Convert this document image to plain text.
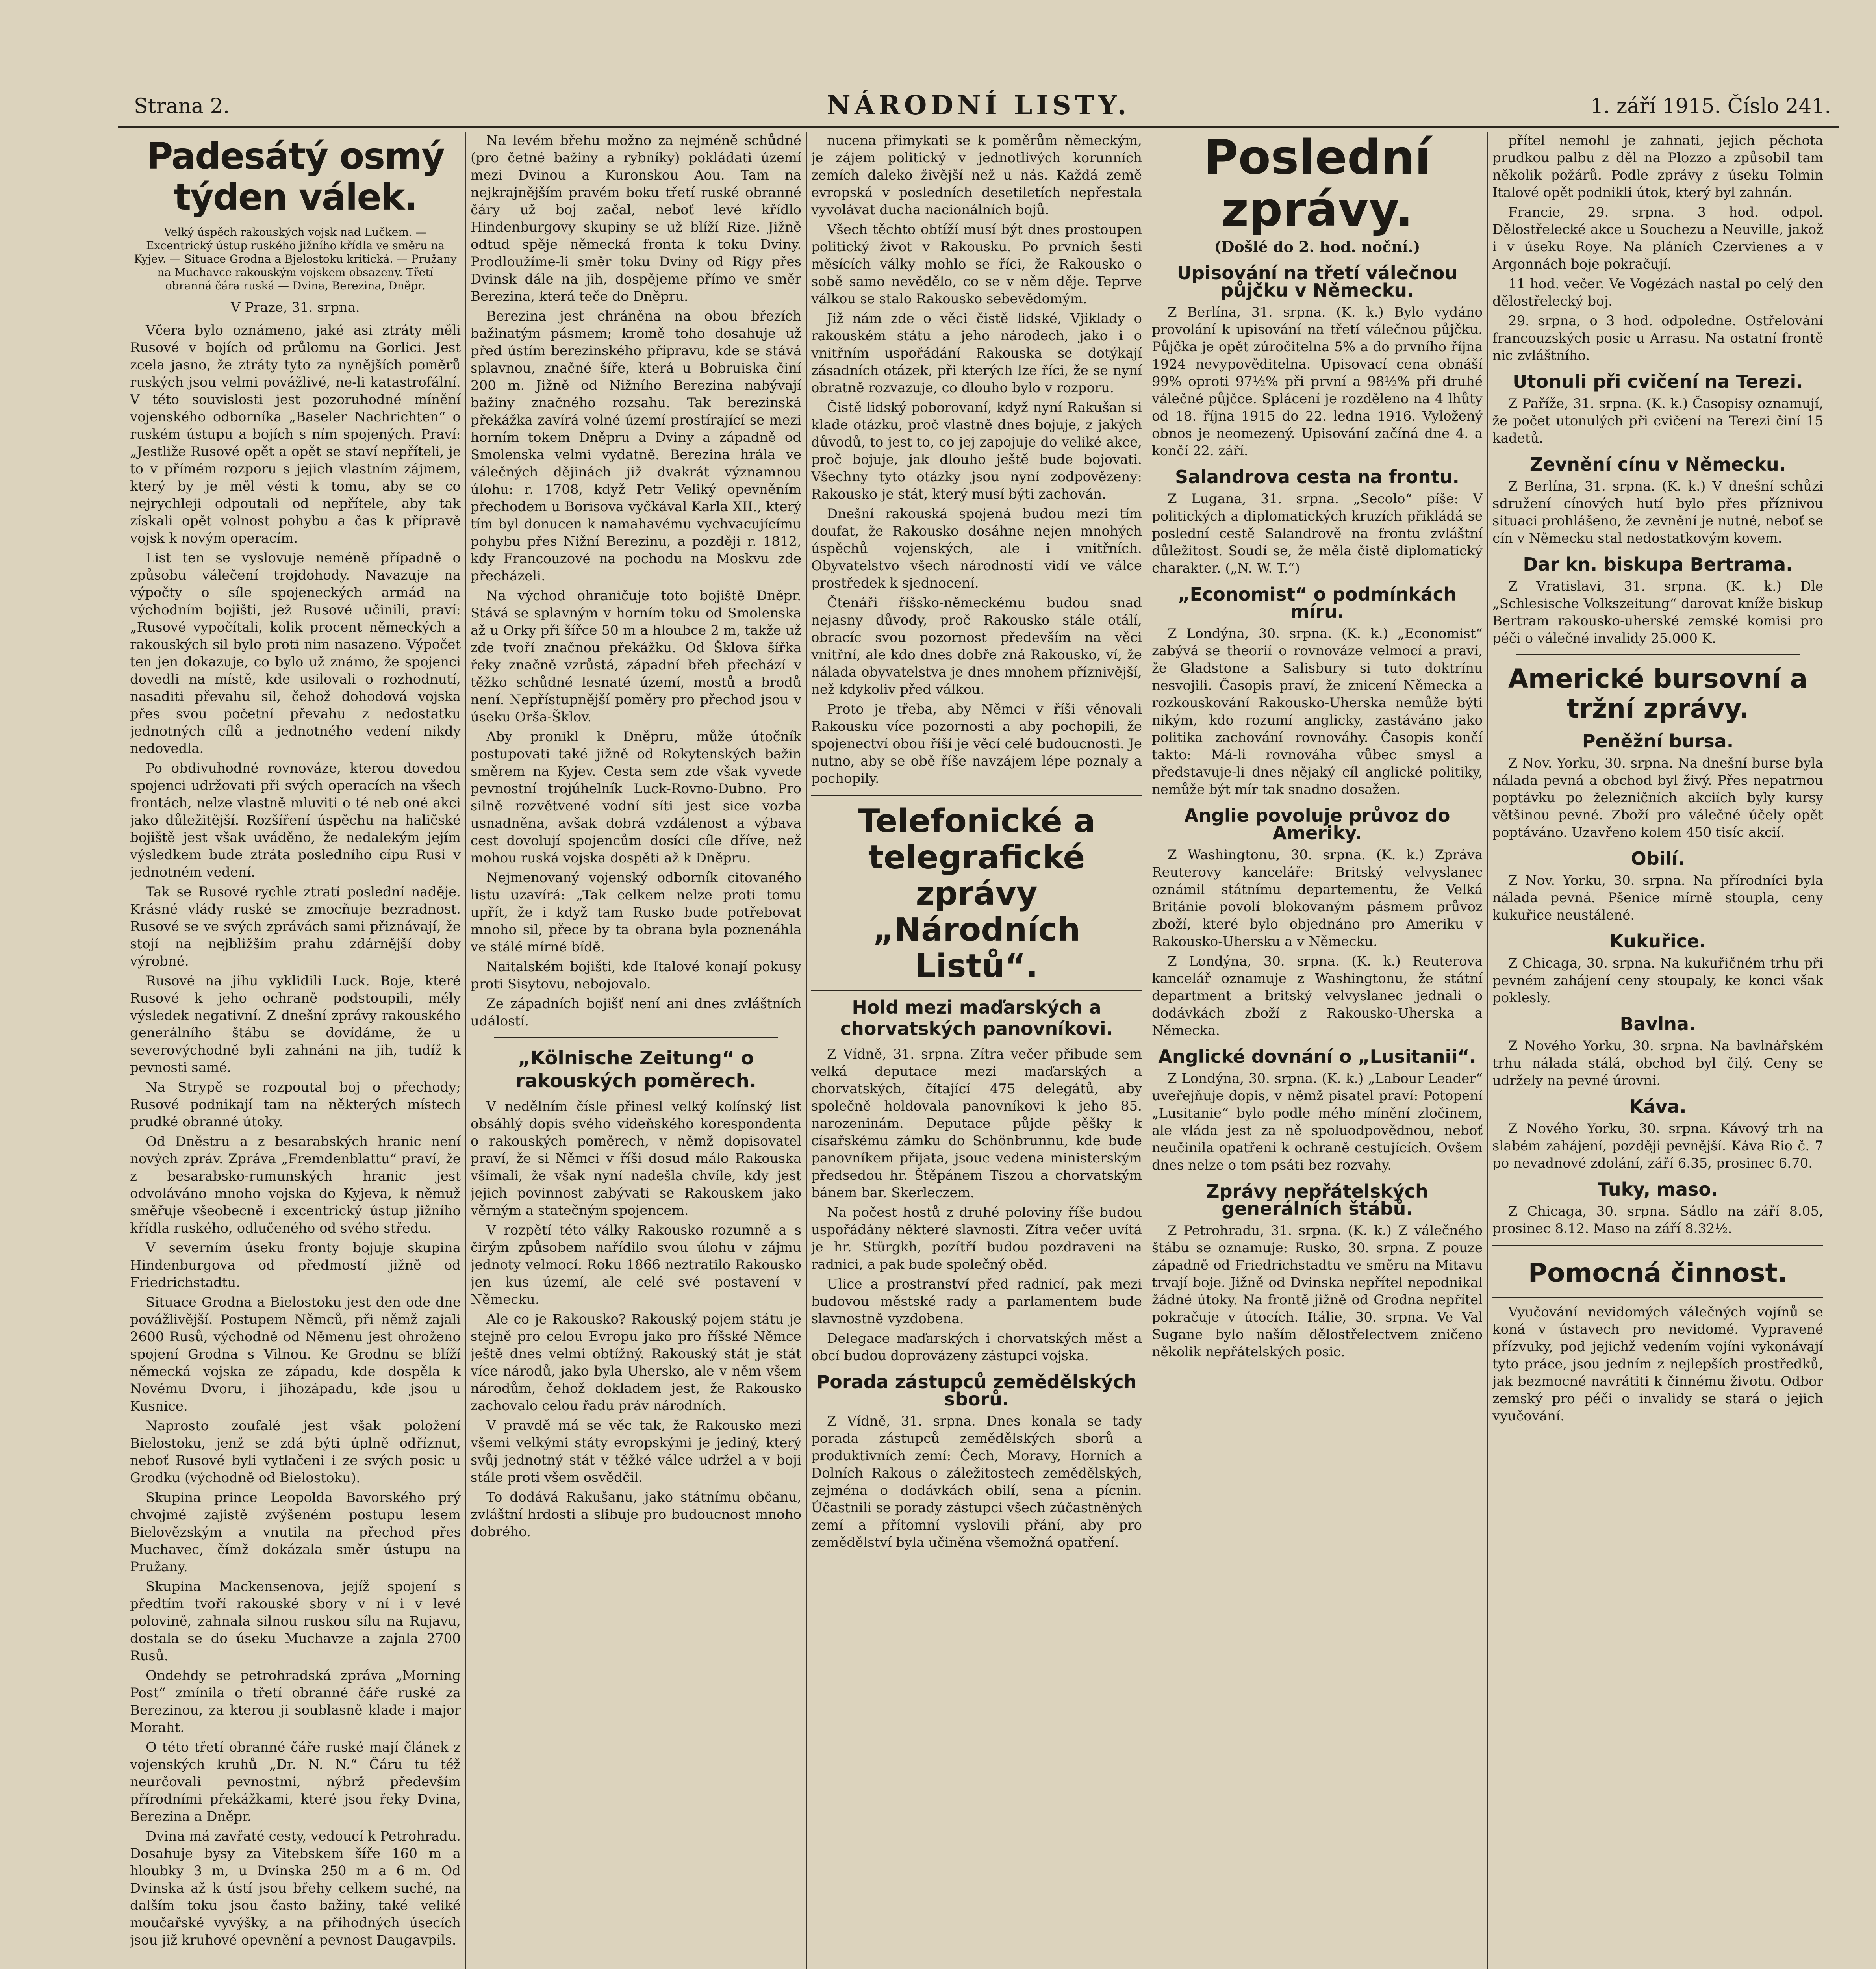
Strana 2.	NÁRODNÍ LISTY.	1. září 1915. Číslo 241.
Padesátý osmý týden válek.
Velký úspěch rakouských vojsk nad Lučkem. — Excentrický ústup ruského jižního křídla ve směru na Kyjev. — Situace Grodna a Bjelostoku kritická. — Pružany na Muchavce rakouským vojskem obsazeny. Třetí obranná čára ruská — Dvina, Berezina, Dněpr.
V Praze, 31. srpna.

Včera bylo oznámeno, jaké asi ztráty měli Rusové v bojích od průlomu na Gorlici. Jest zcela jasno, že ztráty tyto za nynějších poměrů ruských jsou velmi povážlivé, ne-li katastrofální. V této souvislosti jest pozoruhodné mínění vojenského odborníka „Baseler Nachrichten“ o ruském ústupu a bojích s ním spojených. Praví: „Jestliže Rusové opět a opět se staví nepříteli, je to v přímém rozporu s jejich vlastním zájmem, který by je měl vésti k tomu, aby se co nejrychleji odpoutali od nepřítele, aby tak získali opět volnost pohybu a čas k přípravě vojsk k novým operacím.

List ten se vyslovuje neméně případně o způsobu válečení trojdohody. Navazuje na výpočty o síle spojeneckých armád na východním bojišti, jež Rusové učinili, praví: „Rusové vypočítali, kolik procent německých a rakouských sil bylo proti nim nasazeno. Výpočet ten jen dokazuje, co bylo už známo, že spojenci dovedli na místě, kde usilovali o rozhodnutí, nasaditi převahu sil, čehož dohodová vojska přes svou početní převahu z nedostatku jednotných cílů a jednotného vedení nikdy nedovedla.

Po obdivuhodné rovnováze, kterou dovedou spojenci udržovati při svých operacích na všech frontách, nelze vlastně mluviti o té neb oné akci jako důležitější. Rozšíření úspěchu na haličské bojiště jest však uváděno, že nedalekým jejím výsledkem bude ztráta posledního cípu Rusi v jednotném vedení.

Tak se Rusové rychle ztratí poslední naděje. Krásné vlády ruské se zmocňuje bezradnost. Rusové se ve svých zprávách sami přiznávají, že stojí na nejbližším prahu zdárnější doby výrobné.

Rusové na jihu vyklidili Luck. Boje, které Rusové k jeho ochraně podstoupili, mély výsledek negativní. Z dnešní zprávy rakouského generálního štábu se dovídáme, že u severovýchodně byli zahnáni na jih, tudíž k pevnosti samé.

Na Strypě se rozpoutal boj o přechody; Rusové podnikají tam na některých místech prudké obranné útoky.

Od Dněstru a z besarabských hranic není nových zpráv. Zpráva „Fremdenblattu“ praví, že z besarabsko-rumunských hranic jest odvoláváno mnoho vojska do Kyjeva, k němuž směřuje všeobecně i excentrický ústup jižního křídla ruského, odlučeného od svého středu.

V severním úseku fronty bojuje skupina Hindenburgova od předmostí jižně od Friedrichstadtu.

Situace Grodna a Bielostoku jest den ode dne povážlivější. Postupem Němců, při němž zajali 2600 Rusů, východně od Němenu jest ohroženo spojení Grodna s Vilnou. Ke Grodnu se blíží německá vojska ze západu, kde dospěla k Novému Dvoru, i jihozápadu, kde jsou u Kusnice.

Naprosto zoufalé jest však položení Bielostoku, jenž se zdá býti úplně odříznut, neboť Rusové byli vytlačeni i ze svých posic u Grodku (východně od Bielostoku).

Skupina prince Leopolda Bavorského prý chvojmé zajistě zvýšeném postupu lesem Bielovězským a vnutila na přechod přes Muchavec, čímž dokázala směr ústupu na Pružany.

Skupina Mackensenova, jejíž spojení s předtím tvoří rakouské sbory v ní i v levé polovině, zahnala silnou ruskou sílu na Rujavu, dostala se do úseku Muchavze a zajala 2700 Rusů.

Ondehdy se petrohradská zpráva „Morning Post“ zmínila o třetí obranné čáře ruské za Berezinou, za kterou ji soublasně klade i major Moraht.

O této třetí obranné čáře ruské mají článek z vojenských kruhů „Dr. N. N.“ Čáru tu též neurčovali pevnostmi, nýbrž především přírodními překážkami, které jsou řeky Dvina, Berezina a Dněpr.

Dvina má zavřaté cesty, vedoucí k Petrohradu. Dosahuje bysy za Vitebskem šíře 160 m a hloubky 3 m, u Dvinska 250 m a 6 m. Od Dvinska až k ústí jsou břehy celkem suché, na dalším toku jsou často bažiny, také veliké moučařské vyvýšky, a na příhodných úsecích jsou již kruhové opevnění a pevnost Daugavpils.

Na levém břehu možno za nejméně schůdné (pro četné bažiny a rybníky) pokládati území mezi Dvinou a Kuronskou Aou. Tam na nejkrajnějším pravém boku třetí ruské obranné čáry už boj začal, neboť levé křídlo Hindenburgovy skupiny se už blíží Rize. Jižně odtud spěje německá fronta k toku Dviny. Prodloužíme-li směr toku Dviny od Rigy přes Dvinsk dále na jih, dospějeme přímo ve směr Berezina, která teče do Dněpru.

Berezina jest chráněna na obou březích bažinatým pásmem; kromě toho dosahuje už před ústím berezinského přípravu, kde se stává splavnou, značné šíře, která u Bobruiska činí 200 m. Jižně od Nižního Berezina nabývají bažiny značného rozsahu. Tak berezinská překážka zavírá volné území prostírající se mezi horním tokem Dněpru a Dviny a západně od Smolenska velmi vydatně. Berezina hrála ve válečných dějinách již dvakrát významnou úlohu: r. 1708, když Petr Veliký opevněním přechodem u Borisova vyčkával Karla XII., který tím byl donucen k namahavému vychvacujícímu pohybu přes Nižní Berezinu, a později r. 1812, kdy Francouzové na pochodu na Moskvu zde přecházeli.

Na východ ohraničuje toto bojiště Dněpr. Stává se splavným v horním toku od Smolenska až u Orky při šířce 50 m a hloubce 2 m, takže už zde tvoří značnou překážku. Od Šklova šířka řeky značně vzrůstá, západní břeh přechází v těžko schůdné lesnaté území, mostů a brodů není. Nepřístupnější poměry pro přechod jsou v úseku Orša-Šklov.

Aby pronikl k Dněpru, může útočník postupovati také jižně od Rokytenských bažin směrem na Kyjev. Cesta sem zde však vyvede pevnostní trojúhelník Luck-Rovno-Dubno. Pro silně rozvětvené vodní síti jest sice vozba usnadněna, avšak dobrá vzdálenost a výbava cest dovolují spojencům dosíci cíle dříve, než mohou ruská vojska dospěti až k Dněpru.

Nejmenovaný vojenský odborník citovaného listu uzavírá: „Tak celkem nelze proti tomu upřít, že i když tam Rusko bude potřebovat mnoho sil, přece by ta obrana byla poznenáhla ve stálé mírné bídě.

Naitalském bojišti, kde Italové konají pokusy proti Sisytovu, nebojovalo.

Ze západních bojišť není ani dnes zvláštních událostí.

„Kölnische Zeitung“ o rakouských poměrech.

V nedělním čísle přinesl velký kolínský list obsáhlý dopis svého vídeňského korespondenta o rakouských poměrech, v němž dopisovatel praví, že si Němci v říši dosud málo Rakouska všímali, že však nyní nadešla chvíle, kdy jest jejich povinnost zabývati se Rakouskem jako věrným a statečným spojencem.

V rozpětí této války Rakousko rozumně a s čirým způsobem nařídilo svou úlohu v zájmu jednoty velmocí. Roku 1866 neztratilo Rakousko jen kus území, ale celé své postavení v Německu.

Ale co je Rakousko? Rakouský pojem státu je stejně pro celou Evropu jako pro říšské Němce ještě dnes velmi obtížný. Rakouský stát je stát více národů, jako byla Uhersko, ale v něm všem národům, čehož dokladem jest, že Rakousko zachovalo celou řadu práv národních.

V pravdě má se věc tak, že Rakousko mezi všemi velkými státy evropskými je jediný, který svůj jednotný stát v těžké válce udržel a v boji stále proti všem osvědčil.

To dodává Rakušanu, jako státnímu občanu, zvláštní hrdosti a slibuje pro budoucnost mnoho dobrého.

nucena přimykati se k poměrům německým, je zájem politický v jednotlivých korunních zemích daleko živější než u nás. Každá země evropská v posledních desetiletích nepřestala vyvolávat ducha nacionálních bojů.

Všech těchto obtíží musí být dnes prostoupen politický život v Rakousku. Po prvních šesti měsících války mohlo se říci, že Rakousko o sobě samo nevědělo, co se v něm děje. Teprve válkou se stalo Rakousko sebevědomým.

Již nám zde o věci čistě lidské, Vjiklady o rakouském státu a jeho národech, jako i o vnitřním uspořádání Rakouska se dotýkají zásadních otázek, při kterých lze říci, že se nyní obratně rozvazuje, co dlouho bylo v rozporu.

Čistě lidský poborovaní, když nyní Rakušan si klade otázku, proč vlastně dnes bojuje, z jakých důvodů, to jest to, co jej zapojuje do veliké akce, proč bojuje, jak dlouho ještě bude bojovati. Všechny tyto otázky jsou nyní zodpovězeny: Rakousko je stát, který musí býti zachován.

Dnešní rakouská spojená budou mezi tím doufat, že Rakousko dosáhne nejen mnohých úspěchů vojenských, ale i vnitřních. Obyvatelstvo všech národností vidí ve válce prostředek k sjednocení.

Čtenáři říšsko-německému budou snad nejasny důvody, proč Rakousko stále otálí, obracíc svou pozornost především na věci vnitřní, ale kdo dnes dobře zná Rakousko, ví, že nálada obyvatelstva je dnes mnohem příznivější, než kdykoliv před válkou.

Proto je třeba, aby Němci v říši věnovali Rakousku více pozornosti a aby pochopili, že spojenectví obou říší je věcí celé budoucnosti. Je nutno, aby se obě říše navzájem lépe poznaly a pochopily.

Telefonické a telegrafické zprávy „Národních Listů“.
Hold mezi maďarských a chorvatských panovníkovi.

Z Vídně, 31. srpna. Zítra večer přibude sem velká deputace mezi maďarských a chorvatských, čítající 475 delegátů, aby společně holdovala panovníkovi k jeho 85. narozeninám. Deputace půjde pěšky k císařskému zámku do Schönbrunnu, kde bude panovníkem přijata, jsouc vedena ministerským předsedou hr. Štěpánem Tiszou a chorvatským bánem bar. Skerleczem.

Na počest hostů z druhé poloviny říše budou uspořádány některé slavnosti. Zítra večer uvítá je hr. Stürgkh, pozítří budou pozdraveni na radnici, a pak bude společný oběd.

Ulice a prostranství před radnicí, pak mezi budovou městské rady a parlamentem bude slavnostně vyzdobena.

Delegace maďarských i chorvatských měst a obcí budou doprovázeny zástupci vojska.

Porada zástupců zemědělských sborů.

Z Vídně, 31. srpna. Dnes konala se tady porada zástupců zemědělských sborů a produktivních zemí: Čech, Moravy, Horních a Dolních Rakous o záležitostech zemědělských, zejména o dodávkách obilí, sena a pícnin. Účastnili se porady zástupci všech zúčastněných zemí a přítomní vyslovili přání, aby pro zemědělství byla učiněna všemožná opatření.

Poslední zprávy.
(Došlé do 2. hod. noční.)
Upisování na třetí válečnou půjčku v Německu.

Z Berlína, 31. srpna. (K. k.) Bylo vydáno provolání k upisování na třetí válečnou půjčku. Půjčka je opět zúročitelna 5% a do prvního října 1924 nevypověditelna. Upisovací cena obnáší 99% oproti 97½% při první a 98½% při druhé válečné půjčce. Splácení je rozděleno na 4 lhůty od 18. října 1915 do 22. ledna 1916. Vyložený obnos je neomezený. Upisování začíná dne 4. a končí 22. září.

Salandrova cesta na frontu.

Z Lugana, 31. srpna. „Secolo“ píše: V politických a diplomatických kruzích přikládá se poslední cestě Salandrově na frontu zvláštní důležitost. Soudí se, že měla čistě diplomatický charakter. („N. W. T.“)

„Economist“ o podmínkách míru.

Z Londýna, 30. srpna. (K. k.) „Economist“ zabývá se theorií o rovnováze velmocí a praví, že Gladstone a Salisbury si tuto doktrínu nesvojili. Časopis praví, že znicení Německa a rozkouskování Rakousko-Uherska nemůže býti nikým, kdo rozumí anglicky, zastáváno jako politika zachování rovnováhy. Časopis končí takto: Má-li rovnováha vůbec smysl a představuje-li dnes nějaký cíl anglické politiky, nemůže být mír tak snadno dosažen.

Anglie povoluje průvoz do Ameriky.

Z Washingtonu, 30. srpna. (K. k.) Zpráva Reuterovy kanceláře: Britský velvyslanec oznámil státnímu departementu, že Velká Británie povolí blokovaným pásmem průvoz zboží, které bylo objednáno pro Ameriku v Rakousko-Uhersku a v Německu.

Z Londýna, 30. srpna. (K. k.) Reuterova kancelář oznamuje z Washingtonu, že státní department a britský velvyslanec jednali o dodávkách zboží z Rakousko-Uherska a Německa.

Anglické dovnání o „Lusitanii“.

Z Londýna, 30. srpna. (K. k.) „Labour Leader“ uveřejňuje dopis, v němž pisatel praví: Potopení „Lusitanie“ bylo podle mého mínění zločinem, ale vláda jest za ně spoluodpovědnou, neboť neučinila opatření k ochraně cestujících. Ovšem dnes nelze o tom psáti bez rozvahy.

Zprávy nepřátelských generálních štábů.

Z Petrohradu, 31. srpna. (K. k.) Z válečného štábu se oznamuje: Rusko, 30. srpna. Z pouze západně od Friedrichstadtu ve směru na Mitavu trvají boje. Jižně od Dvinska nepřítel nepodnikal žádné útoky. Na frontě jižně od Grodna nepřítel pokračuje v útocích. Itálie, 30. srpna. Ve Val Sugane bylo naším dělostřelectvem zničeno několik nepřátelských posic.

přítel nemohl je zahnati, jejich pěchota prudkou palbu z děl na Plozzo a způsobil tam několik požárů. Podle zprávy z úseku Tolmin Italové opět podnikli útok, který byl zahnán.

Francie, 29. srpna. 3 hod. odpol. Dělostřelecké akce u Souchezu a Neuville, jakož i v úseku Roye. Na pláních Czervienes a v Argonnách boje pokračují.

11 hod. večer. Ve Vogézách nastal po celý den dělostřelecký boj.

29. srpna, o 3 hod. odpoledne. Ostřelování francouzských posic u Arrasu. Na ostatní frontě nic zvláštního.

Utonuli při cvičení na Terezi.

Z Paříže, 31. srpna. (K. k.) Časopisy oznamují, že počet utonulých při cvičení na Terezi činí 15 kadetů.

Zevnění cínu v Německu.

Z Berlína, 31. srpna. (K. k.) V dnešní schůzi sdružení cínových hutí bylo přes příznivou situaci prohlášeno, že zevnění je nutné, neboť se cín v Německu stal nedostatkovým kovem.

Dar kn. biskupa Bertrama.

Z Vratislavi, 31. srpna. (K. k.) Dle „Schlesische Volkszeitung“ darovat kníže biskup Bertram rakousko-uherské zemské komisi pro péči o válečné invalidy 25.000 K.

Americké bursovní a tržní zprávy.
Peněžní bursa.

Z Nov. Yorku, 30. srpna. Na dnešní burse byla nálada pevná a obchod byl živý. Přes nepatrnou poptávku po železničních akciích byly kursy většinou pevné. Zboží pro válečné účely opět poptáváno. Uzavřeno kolem 450 tisíc akcií.

Obilí.

Z Nov. Yorku, 30. srpna. Na přírodníci byla nálada pevná. Pšenice mírně stoupla, ceny kukuřice neustálené.

Kukuřice.

Z Chicaga, 30. srpna. Na kukuřičném trhu při pevném zahájení ceny stoupaly, ke konci však poklesly.

Bavlna.

Z Nového Yorku, 30. srpna. Na bavlnářském trhu nálada stálá, obchod byl čilý. Ceny se udržely na pevné úrovni.

Káva.

Z Nového Yorku, 30. srpna. Kávový trh na slabém zahájení, později pevnější. Káva Rio č. 7 po nevadnové zdolání, září 6.35, prosinec 6.70.

Tuky, maso.

Z Chicaga, 30. srpna. Sádlo na září 8.05, prosinec 8.12. Maso na září 8.32½.

Pomocná činnost.

Vyučování nevidomých válečných vojínů se koná v ústavech pro nevidomé. Vypravené přízvuky, pod jejichž vedením vojíni vykonávají tyto práce, jsou jedním z nejlepších prostředků, jak bezmocné navrátiti k činnému životu. Odbor zemský pro péči o invalidy se stará o jejich vyučování.
